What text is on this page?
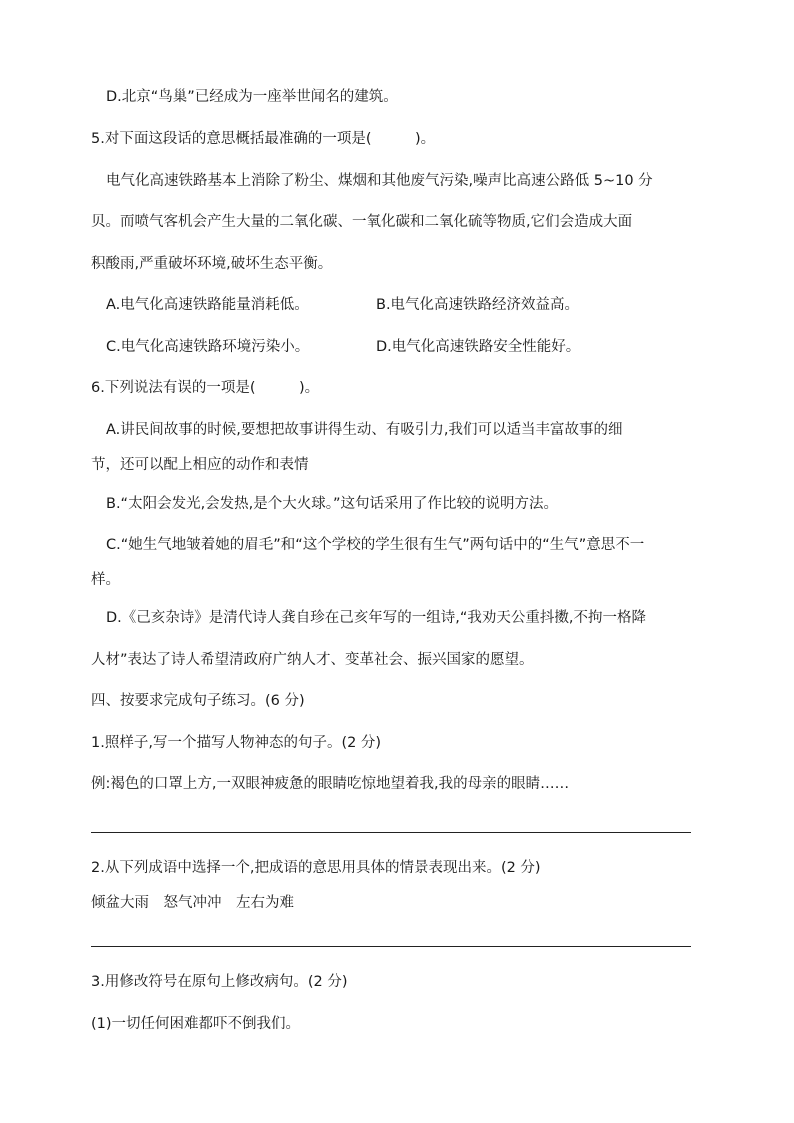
D.北京“鸟巢”已经成为一座举世闻名的建筑。
5.对下面这段话的意思概括最准确的一项是(　　　)。
电气化高速铁路基本上消除了粉尘、煤烟和其他废气污染,噪声比高速公路低 5~10 分
贝。而喷气客机会产生大量的二氧化碳、一氧化碳和二氧化硫等物质,它们会造成大面
积酸雨,严重破坏环境,破坏生态平衡。
A.电气化高速铁路能量消耗低。	B.电气化高速铁路经济效益高。
C.电气化高速铁路环境污染小。	D.电气化高速铁路安全性能好。
6.下列说法有误的一项是(　　　)。
A.讲民间故事的时候,要想把故事讲得生动、有吸引力,我们可以适当丰富故事的细
节，还可以配上相应的动作和表情
B.“太阳会发光,会发热,是个大火球。”这句话采用了作比较的说明方法。
C.“她生气地皱着她的眉毛”和“这个学校的学生很有生气”两句话中的“生气”意思不一
样。
D.《己亥杂诗》是清代诗人龚自珍在己亥年写的一组诗,“我劝天公重抖擞,不拘一格降
人材”表达了诗人希望清政府广纳人才、变革社会、振兴国家的愿望。
四、按要求完成句子练习。(6 分)
1.照样子,写一个描写人物神态的句子。(2 分)
例:褐色的口罩上方,一双眼神疲惫的眼睛吃惊地望着我,我的母亲的眼睛……
2.从下列成语中选择一个,把成语的意思用具体的情景表现出来。(2 分)
倾盆大雨　怒气冲冲　左右为难
3.用修改符号在原句上修改病句。(2 分)
(1)一切任何困难都吓不倒我们。
